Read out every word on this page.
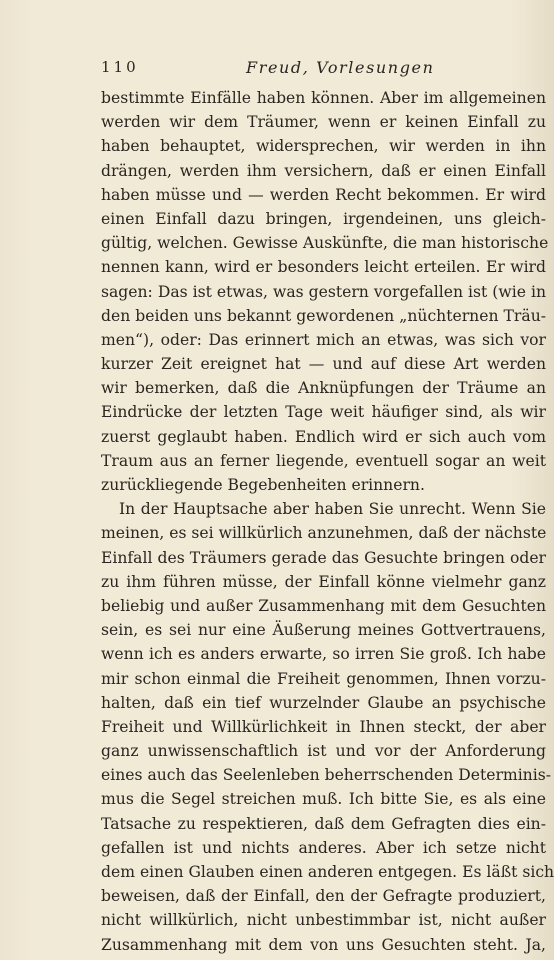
110	Freud, Vorlesungen
bestimmte Einfälle haben können. Aber im allgemeinen
werden wir dem Träumer, wenn er keinen Einfall zu
haben behauptet, widersprechen, wir werden in ihn
drängen, werden ihm versichern, daß er einen Einfall
haben müsse und — werden Recht bekommen. Er wird
einen Einfall dazu bringen, irgendeinen, uns gleich-
gültig, welchen. Gewisse Auskünfte, die man historische
nennen kann, wird er besonders leicht erteilen. Er wird
sagen: Das ist etwas, was gestern vorgefallen ist (wie in
den beiden uns bekannt gewordenen „nüchternen Träu-
men“), oder: Das erinnert mich an etwas, was sich vor
kurzer Zeit ereignet hat — und auf diese Art werden
wir bemerken, daß die Anknüpfungen der Träume an
Eindrücke der letzten Tage weit häufiger sind, als wir
zuerst geglaubt haben. Endlich wird er sich auch vom
Traum aus an ferner liegende, eventuell sogar an weit
zurückliegende Begebenheiten erinnern.
In der Hauptsache aber haben Sie unrecht. Wenn Sie
meinen, es sei willkürlich anzunehmen, daß der nächste
Einfall des Träumers gerade das Gesuchte bringen oder
zu ihm führen müsse, der Einfall könne vielmehr ganz
beliebig und außer Zusammenhang mit dem Gesuchten
sein, es sei nur eine Äußerung meines Gottvertrauens,
wenn ich es anders erwarte, so irren Sie groß. Ich habe
mir schon einmal die Freiheit genommen, Ihnen vorzu-
halten, daß ein tief wurzelnder Glaube an psychische
Freiheit und Willkürlichkeit in Ihnen steckt, der aber
ganz unwissenschaftlich ist und vor der Anforderung
eines auch das Seelenleben beherrschenden Determinis-
mus die Segel streichen muß. Ich bitte Sie, es als eine
Tatsache zu respektieren, daß dem Gefragten dies ein-
gefallen ist und nichts anderes. Aber ich setze nicht
dem einen Glauben einen anderen entgegen. Es läßt sich
beweisen, daß der Einfall, den der Gefragte produziert,
nicht willkürlich, nicht unbestimmbar ist, nicht außer
Zusammenhang mit dem von uns Gesuchten steht. Ja,
